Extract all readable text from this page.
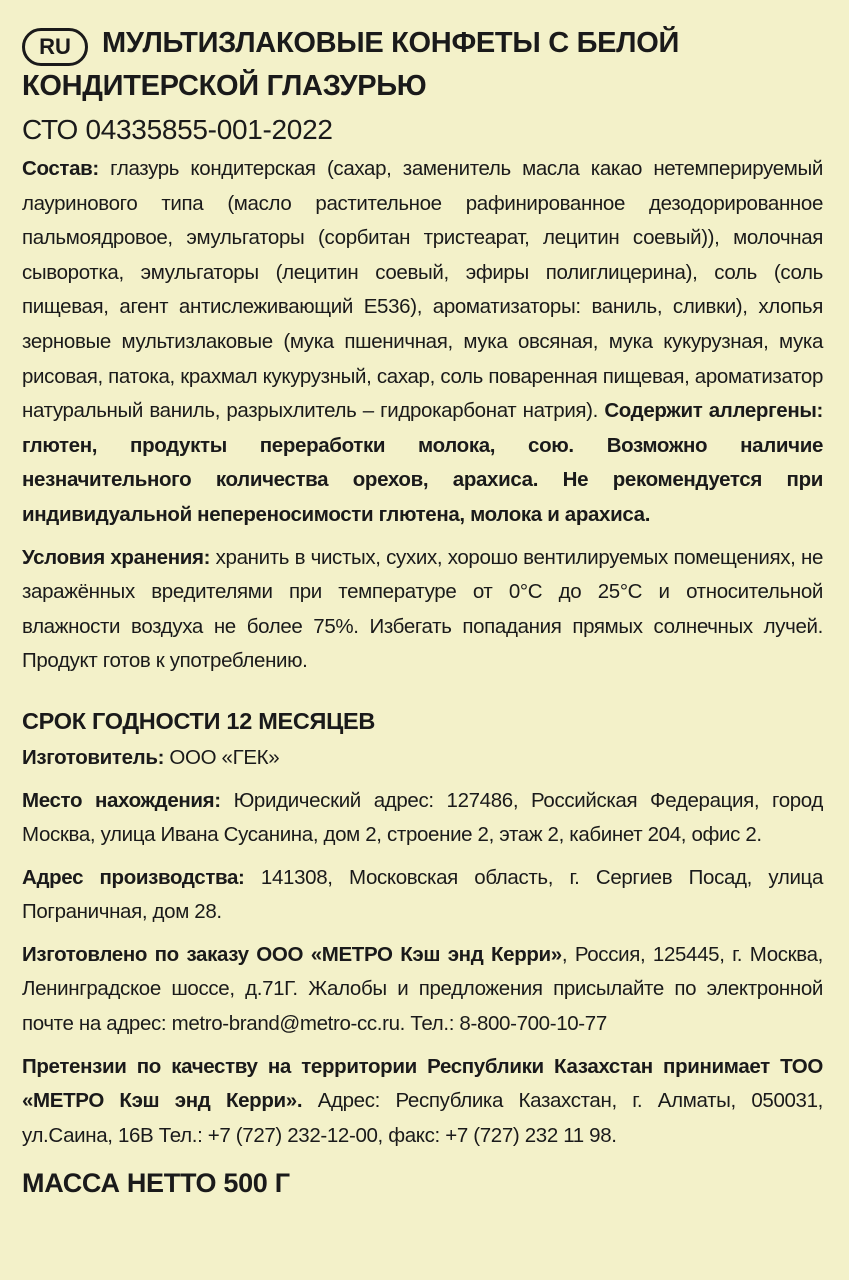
RU	МУЛЬТИЗЛАКОВЫЕ КОНФЕТЫ С БЕЛОЙ
КОНДИТЕРСКОЙ ГЛАЗУРЬЮ

СТО 04335855-001-2022

Состав: глазурь кондитерская (сахар, заменитель масла какао нетемперируемый лауринового типа (масло растительное рафинированное дезодорированное пальмоядровое, эмульгаторы (сорбитан тристеарат, лецитин соевый)), молочная сыворотка, эмульгаторы (лецитин соевый, эфиры полиглицерина), соль (соль пищевая, агент антислеживающий Е536), ароматизаторы: ваниль, сливки), хлопья зерновые мультизлаковые (мука пшеничная, мука овсяная, мука кукурузная, мука рисовая, патока, крахмал кукурузный, сахар, соль поваренная пищевая, ароматизатор натуральный ваниль, разрыхлитель – гидрокарбонат натрия). Содержит аллергены: глютен, продукты переработки молока, сою. Возможно наличие незначительного количества орехов, арахиса. Не рекомендуется при индивидуальной непереносимости глютена, молока и арахиса.

Условия хранения: хранить в чистых, сухих, хорошо вентилируемых помещениях, не заражённых вредителями при температуре от 0°C до 25°C и относительной влажности воздуха не более 75%. Избегать попадания прямых солнечных лучей. Продукт готов к употреблению.

СРОК ГОДНОСТИ 12 МЕСЯЦЕВ

Изготовитель: ООО «ГЕК»

Место нахождения: Юридический адрес: 127486, Российская Федерация, город Москва, улица Ивана Сусанина, дом 2, строение 2, этаж 2, кабинет 204, офис 2.

Адрес производства: 141308, Московская область, г. Сергиев Посад, улица Пограничная, дом 28.

Изготовлено по заказу ООО «МЕТРО Кэш энд Керри», Россия, 125445, г. Москва, Ленинградское шоссе, д.71Г. Жалобы и предложения присылайте по электронной почте на адрес: metro-brand@metro-cc.ru. Тел.: 8-800-700-10-77

Претензии по качеству на территории Республики Казахстан принимает ТОО «МЕТРО Кэш энд Керри». Адрес: Республика Казахстан, г. Алматы, 050031, ул.Саина, 16В Тел.: +7 (727) 232-12-00, факс: +7 (727) 232 11 98.

МАССА НЕТТО 500 Г
